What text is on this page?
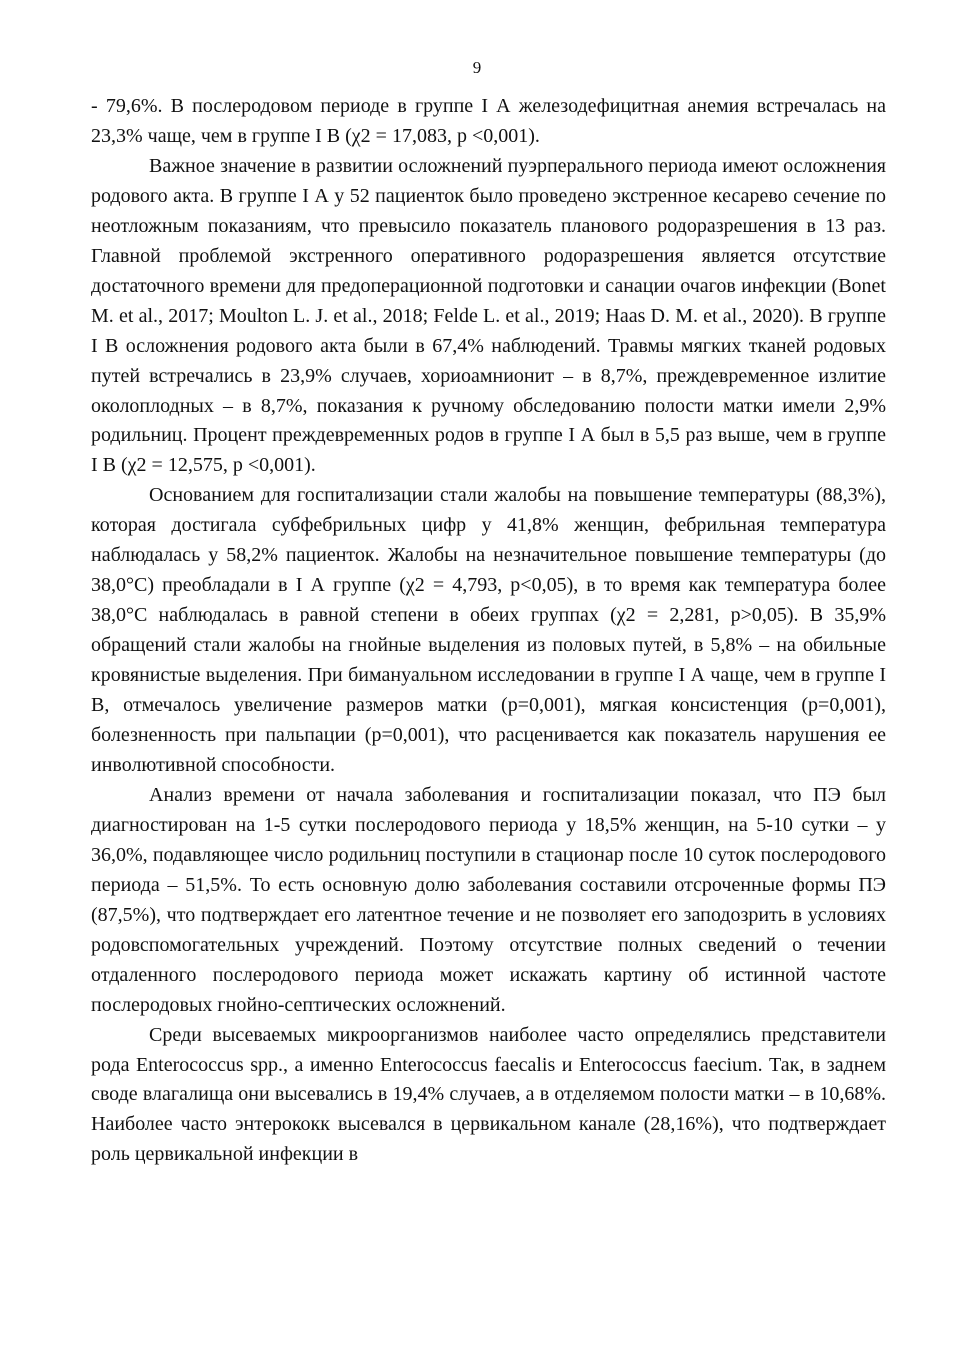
9

- 79,6%. В послеродовом периоде в группе I А железодефицитная анемия встречалась на 23,3% чаще, чем в группе I В (χ2 = 17,083, р <0,001).

Важное значение в развитии осложнений пуэрперального периода имеют осложнения родового акта. В группе I А у 52 пациенток было проведено экстренное кесарево сечение по неотложным показаниям, что превысило показатель планового родоразрешения в 13 раз. Главной проблемой экстренного оперативного родоразрешения является отсутствие достаточного времени для предоперационной подготовки и санации очагов инфекции (Bonet M. et al., 2017; Moulton L. J. et al., 2018; Felde L. et al., 2019; Haas D. M. et al., 2020). В группе I В осложнения родового акта были в 67,4% наблюдений. Травмы мягких тканей родовых путей встречались в 23,9% случаев, хориоамнионит – в 8,7%, преждевременное излитие околоплодных – в 8,7%, показания к ручному обследованию полости матки имели 2,9% родильниц. Процент преждевременных родов в группе I А был в 5,5 раз выше, чем в группе I В (χ2 = 12,575, р <0,001).

Основанием для госпитализации стали жалобы на повышение температуры (88,3%), которая достигала субфебрильных цифр у 41,8% женщин, фебрильная температура наблюдалась у 58,2% пациенток. Жалобы на незначительное повышение температуры (до 38,0°С) преобладали в I А группе (χ2 = 4,793, р<0,05), в то время как температура более 38,0°С наблюдалась в равной степени в обеих группах (χ2 = 2,281, р>0,05). В 35,9% обращений стали жалобы на гнойные выделения из половых путей, в 5,8% – на обильные кровянистые выделения. При бимануальном исследовании в группе I А чаще, чем в группе I В, отмечалось увеличение размеров матки (р=0,001), мягкая консистенция (р=0,001), болезненность при пальпации (р=0,001), что расценивается как показатель нарушения ее инволютивной способности.

Анализ времени от начала заболевания и госпитализации показал, что ПЭ был диагностирован на 1-5 сутки послеродового периода у 18,5% женщин, на 5-10 сутки – у 36,0%, подавляющее число родильниц поступили в стационар после 10 суток послеродового периода – 51,5%. То есть основную долю заболевания составили отсроченные формы ПЭ (87,5%), что подтверждает его латентное течение и не позволяет его заподозрить в условиях родовспомогательных учреждений. Поэтому отсутствие полных сведений о течении отдаленного послеродового периода может искажать картину об истинной частоте послеродовых гнойно-септических осложнений.

Среди высеваемых микроорганизмов наиболее часто определялись представители рода Enterococcus spp., а именно Enterococcus faecalis и Enterococcus faecium. Так, в заднем своде влагалища они высевались в 19,4% случаев, а в отделяемом полости матки – в 10,68%. Наиболее часто энтерококк высевался в цервикальном канале (28,16%), что подтверждает роль цервикальной инфекции в
